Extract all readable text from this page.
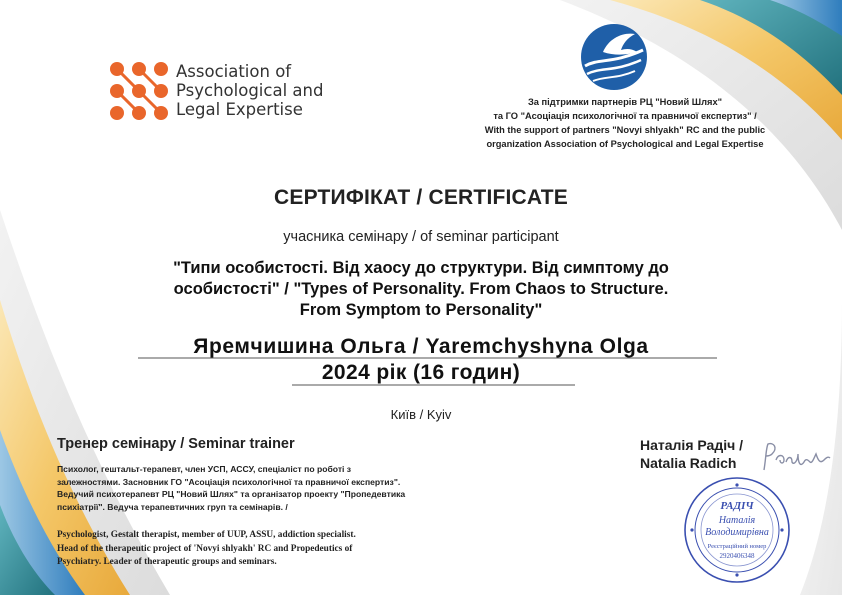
Association of
Psychological and
Legal Expertise	За підтримки партнерів РЦ "Новий Шлях"
та ГО "Асоціація психологічної та правничої експертиз" /
With the support of partners "Novyi shlyakh" RC and the public
organization Association of Psychological and Legal Expertise
СЕРТИФІКАТ / CERTIFICATE
учасника семінару / of seminar participant
"Типи особистості. Від хаосу до структури. Від симптому до
особистості" / "Types of Personality. From Chaos to Structure.
From Symptom to Personality"
Яремчишина Ольга / Yaremchyshyna Olga
2024 рік (16 годин)
Київ / Kyiv
Тренер семінару / Seminar trainer
Психолог, гештальт-терапевт, член УСП, АССУ, спеціаліст по роботі з
залежностями. Засновник ГО "Асоціація психологічної та правничої експертиз".
Ведучий психотерапевт РЦ "Новий Шлях" та організатор проекту "Пропедевтика
психіатрії". Ведуча терапевтичних груп та семінарів. /
Psychologist, Gestalt therapist, member of UUP, ASSU, addiction specialist.
Head of the therapeutic project of 'Novyi shlyakh' RC and Propedeutics of
Psychiatry. Leader of therapeutic groups and seminars.
Наталія Радіч /
Natalia Radich
РАДІЧ
Наталія
Володимирівна
Реєстраційний номер
2920406348
